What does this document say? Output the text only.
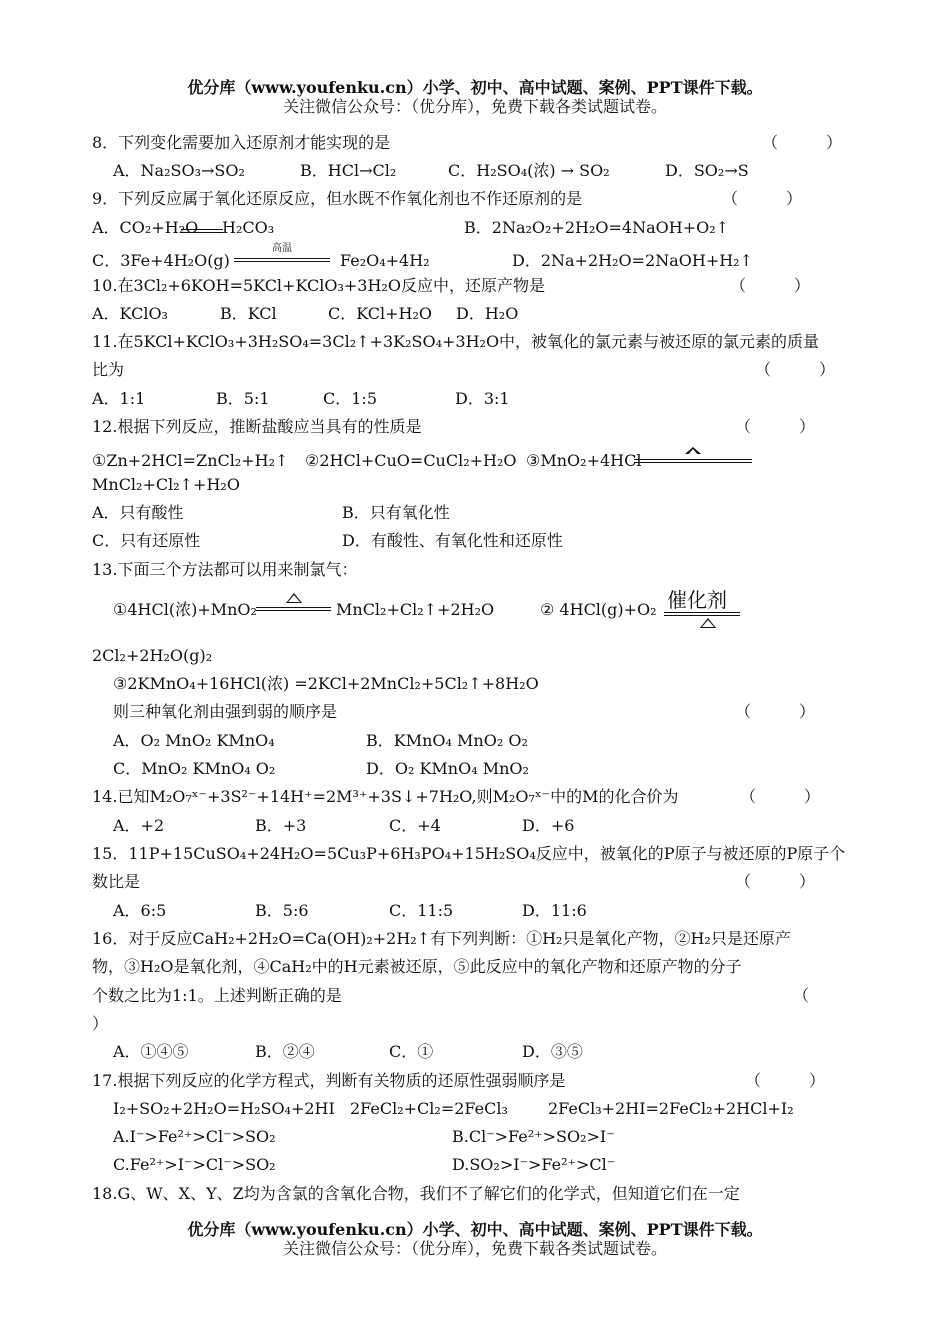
优分库（www.youfenku.cn）小学、初中、高中试题、案例、PPT课件下载。
关注微信公众号：（优分库），免费下载各类试题试卷。
8．下列变化需要加入还原剂才能实现的是	（　　　）
A．Na₂SO₃→SO₂	B．HCl→Cl₂	C．H₂SO₄(浓) → SO₂	D．SO₂→S
9．下列反应属于氧化还原反应，但水既不作氧化剂也不作还原剂的是	（　　　）
A．CO₂+H₂O H₂CO₃	B．2Na₂O₂+2H₂O=4NaOH+O₂↑
C．3Fe+4H₂O(g)
高温
Fe₂O₄+4H₂	D．2Na+2H₂O=2NaOH+H₂↑
10.在3Cl₂+6KOH=5KCl+KClO₃+3H₂O反应中，还原产物是	（　　　）
A．KClO₃	B．KCl	C．KCl+H₂O D．H₂O
11.在5KCl+KClO₃+3H₂SO₄=3Cl₂↑+3K₂SO₄+3H₂O中，被氧化的氯元素与被还原的氯元素的质量
比为	（　　　）
A．1:1	B．5:1	C．1:5	D．3:1
12.根据下列反应，推断盐酸应当具有的性质是	（　　　）
①Zn+2HCl=ZnCl₂+H₂↑ ②2HCl+CuO=CuCl₂+H₂O ③MnO₂+4HCl
MnCl₂+Cl₂↑+H₂O
A．只有酸性	B．只有氧化性
C．只有还原性	D．有酸性、有氧化性和还原性
13.下面三个方法都可以用来制氯气：
①4HCl(浓)+MnO₂	MnCl₂+Cl₂↑+2H₂O	② 4HCl(g)+O₂ 催化剂
2Cl₂+2H₂O(g)₂
③2KMnO₄+16HCl(浓) =2KCl+2MnCl₂+5Cl₂↑+8H₂O
则三种氧化剂由强到弱的顺序是	（　　　）
A．O₂ MnO₂ KMnO₄	B．KMnO₄ MnO₂ O₂
C．MnO₂ KMnO₄ O₂	D．O₂ KMnO₄ MnO₂
14.已知M₂O₇ˣ⁻+3S²⁻+14H⁺=2M³⁺+3S↓+7H₂O,则M₂O₇ˣ⁻中的M的化合价为	（　　　）
A．+2	B．+3	C．+4	D．+6
15．11P+15CuSO₄+24H₂O=5Cu₃P+6H₃PO₄+15H₂SO₄反应中，被氧化的P原子与被还原的P原子个
数比是	（　　　）
A．6:5	B．5:6	C．11:5	D．11:6
16．对于反应CaH₂+2H₂O=Ca(OH)₂+2H₂↑有下列判断：①H₂只是氧化产物，②H₂只是还原产
物，③H₂O是氧化剂，④CaH₂中的H元素被还原，⑤此反应中的氧化产物和还原产物的分子
个数之比为1:1。上述判断正确的是	（
）
A．①④⑤	B．②④	C．①	D．③⑤
17.根据下列反应的化学方程式，判断有关物质的还原性强弱顺序是	（　　　）
I₂+SO₂+2H₂O=H₂SO₄+2HI 2FeCl₂+Cl₂=2FeCl₃	2FeCl₃+2HI=2FeCl₂+2HCl+I₂
A.I⁻>Fe²⁺>Cl⁻>SO₂	B.Cl⁻>Fe²⁺>SO₂>I⁻
C.Fe²⁺>I⁻>Cl⁻>SO₂	D.SO₂>I⁻>Fe²⁺>Cl⁻
18.G、W、X、Y、Z均为含氯的含氧化合物，我们不了解它们的化学式，但知道它们在一定
优分库（www.youfenku.cn）小学、初中、高中试题、案例、PPT课件下载。
关注微信公众号：（优分库），免费下载各类试题试卷。
